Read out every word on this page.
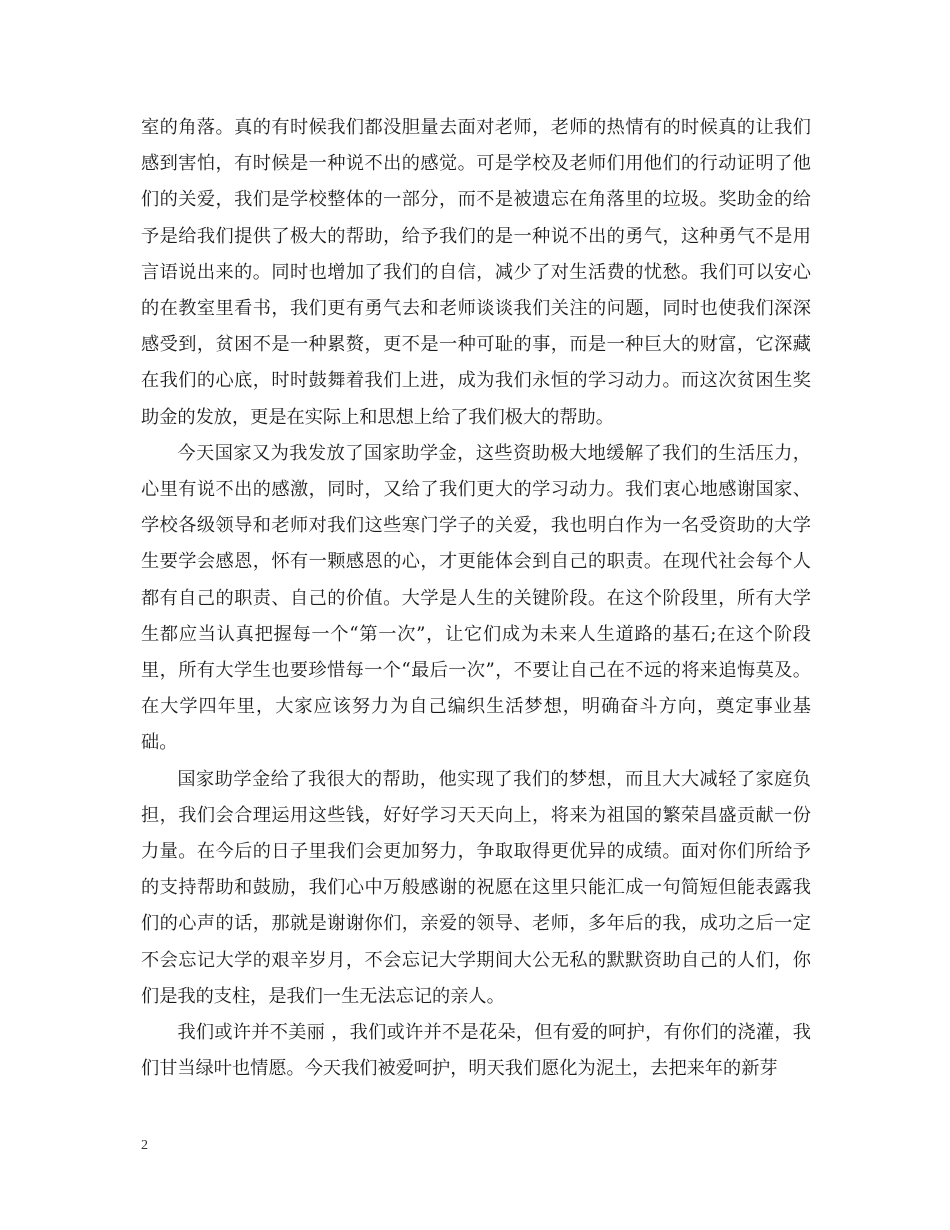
室的角落。真的有时候我们都没胆量去面对老师，老师的热情有的时候真的让我们感到害怕，有时候是一种说不出的感觉。可是学校及老师们用他们的行动证明了他们的关爱，我们是学校整体的一部分，而不是被遗忘在角落里的垃圾。奖助金的给予是给我们提供了极大的帮助，给予我们的是一种说不出的勇气，这种勇气不是用言语说出来的。同时也增加了我们的自信，减少了对生活费的忧愁。我们可以安心的在教室里看书，我们更有勇气去和老师谈谈我们关注的问题，同时也使我们深深感受到，贫困不是一种累赘，更不是一种可耻的事，而是一种巨大的财富，它深藏在我们的心底，时时鼓舞着我们上进，成为我们永恒的学习动力。而这次贫困生奖助金的发放，更是在实际上和思想上给了我们极大的帮助。

今天国家又为我发放了国家助学金，这些资助极大地缓解了我们的生活压力，心里有说不出的感激，同时，又给了我们更大的学习动力。我们衷心地感谢国家、学校各级领导和老师对我们这些寒门学子的关爱，我也明白作为一名受资助的大学生要学会感恩，怀有一颗感恩的心，才更能体会到自己的职责。在现代社会每个人都有自己的职责、自己的价值。大学是人生的关键阶段。在这个阶段里，所有大学生都应当认真把握每一个“第一次”，让它们成为未来人生道路的基石;在这个阶段里，所有大学生也要珍惜每一个“最后一次”，不要让自己在不远的将来追悔莫及。在大学四年里，大家应该努力为自己编织生活梦想，明确奋斗方向，奠定事业基础。

国家助学金给了我很大的帮助，他实现了我们的梦想，而且大大减轻了家庭负担，我们会合理运用这些钱，好好学习天天向上，将来为祖国的繁荣昌盛贡献一份力量。在今后的日子里我们会更加努力，争取取得更优异的成绩。面对你们所给予的支持帮助和鼓励，我们心中万般感谢的祝愿在这里只能汇成一句简短但能表露我们的心声的话，那就是谢谢你们，亲爱的领导、老师，多年后的我，成功之后一定不会忘记大学的艰辛岁月，不会忘记大学期间大公无私的默默资助自己的人们，你们是我的支柱，是我们一生无法忘记的亲人。

我们或许并不美丽 ，我们或许并不是花朵，但有爱的呵护，有你们的浇灌，我们甘当绿叶也情愿。今天我们被爱呵护，明天我们愿化为泥土，去把来年的新芽

2
